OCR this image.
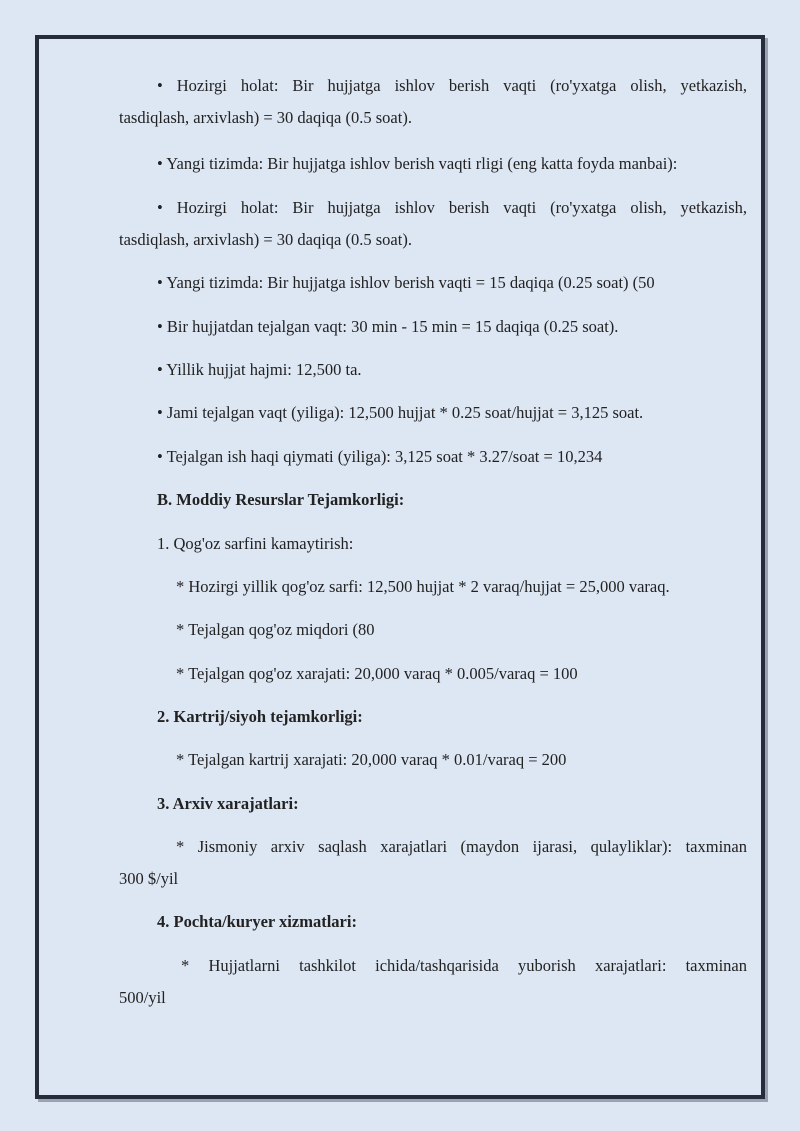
• Hozirgi holat: Bir hujjatga ishlov berish vaqti (ro'yxatga olish, yetkazish,
tasdiqlash, arxivlash) = 30 daqiqa (0.5 soat).
• Yangi tizimda: Bir hujjatga ishlov berish vaqti rligi (eng katta foyda manbai):
• Hozirgi holat: Bir hujjatga ishlov berish vaqti (ro'yxatga olish, yetkazish,
tasdiqlash, arxivlash) = 30 daqiqa (0.5 soat).
• Yangi tizimda: Bir hujjatga ishlov berish vaqti = 15 daqiqa (0.25 soat) (50
• Bir hujjatdan tejalgan vaqt: 30 min - 15 min = 15 daqiqa (0.25 soat).
• Yillik hujjat hajmi: 12,500 ta.
• Jami tejalgan vaqt (yiliga): 12,500 hujjat * 0.25 soat/hujjat = 3,125 soat.
• Tejalgan ish haqi qiymati (yiliga): 3,125 soat * 3.27/soat = 10,234
B. Moddiy Resurslar Tejamkorligi:
1. Qog'oz sarfini kamaytirish:
* Hozirgi yillik qog'oz sarfi: 12,500 hujjat * 2 varaq/hujjat = 25,000 varaq.
* Tejalgan qog'oz miqdori (80
* Tejalgan qog'oz xarajati: 20,000 varaq * 0.005/varaq = 100
2. Kartrij/siyoh tejamkorligi:
* Tejalgan kartrij xarajati: 20,000 varaq * 0.01/varaq = 200
3. Arxiv xarajatlari:
* Jismoniy arxiv saqlash xarajatlari (maydon ijarasi, qulayliklar): taxminan
300 $/yil
4. Pochta/kuryer xizmatlari:
* Hujjatlarni tashkilot ichida/tashqarisida yuborish xarajatlari: taxminan
500/yil
